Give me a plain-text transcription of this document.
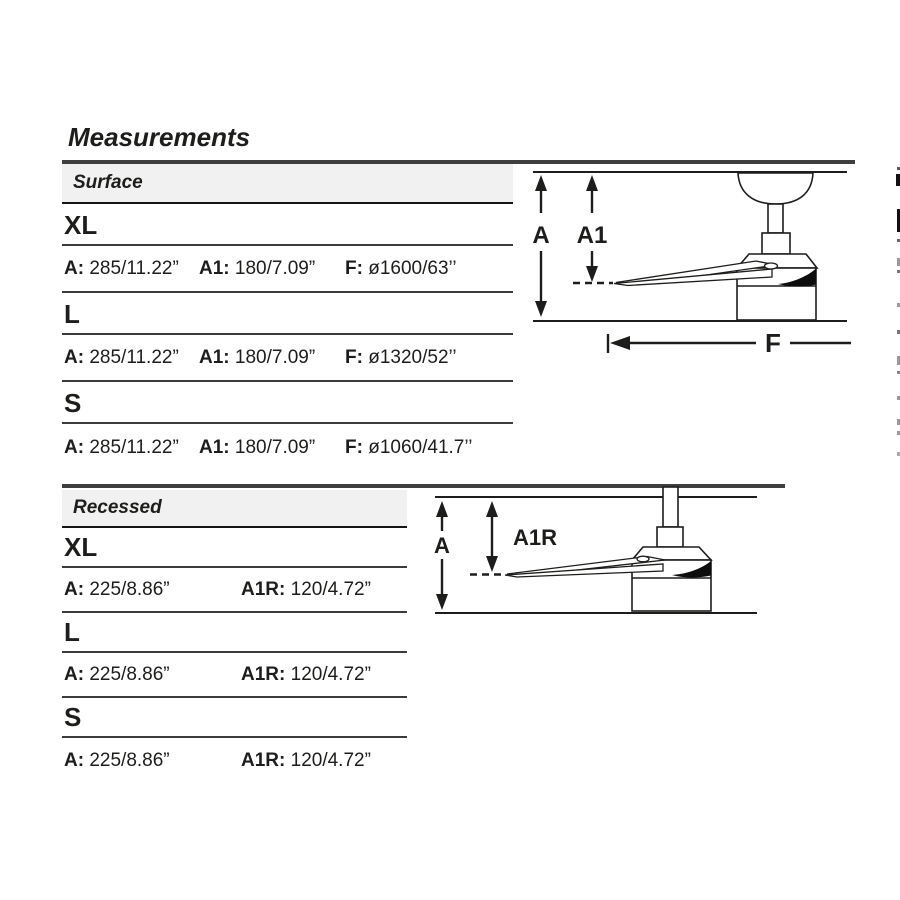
Measurements
Surface
XL
A: 285/11.22”	A1: 180/7.09”	F: ø1600/63’’
L
A: 285/11.22”	A1: 180/7.09”	F: ø1320/52’’
S
A: 285/11.22”	A1: 180/7.09”	F: ø1060/41.7’’
A A1
F
Recessed
XL
A: 225/8.86”	A1R: 120/4.72”
L
A: 225/8.86”	A1R: 120/4.72”
S
A: 225/8.86”	A1R: 120/4.72”
A	A1R
